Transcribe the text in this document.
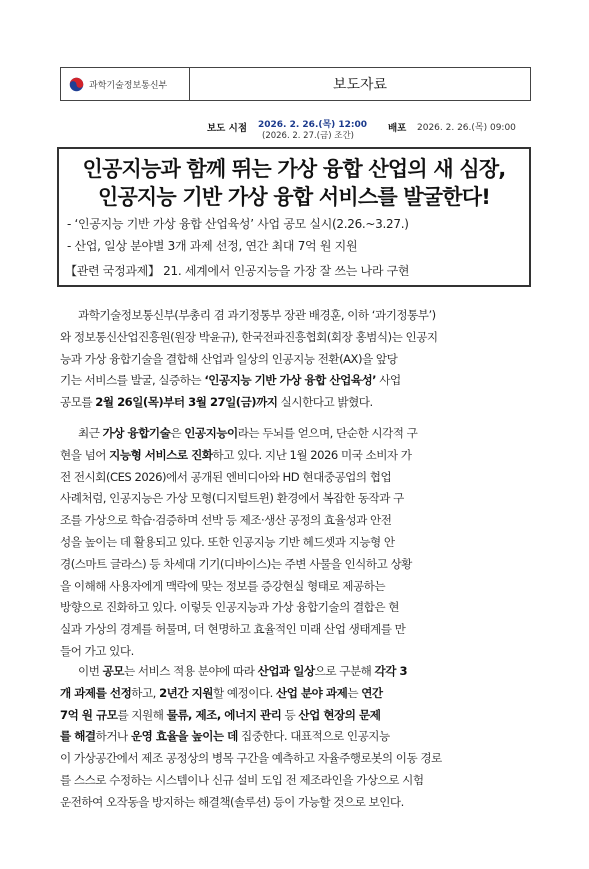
과학기술정보통신부	보도자료
보도 시점 2026. 2. 26.(목) 12:00
(2026. 2. 27.(금) 조간)
배포 2026. 2. 26.(목) 09:00
인공지능과 함께 뛰는 가상 융합 산업의 새 심장,
인공지능 기반 가상 융합 서비스를 발굴한다!
- ‘인공지능 기반 가상 융합 산업육성’ 사업 공모 실시(2.26.~3.27.)
- 산업, 일상 분야별 3개 과제 선정, 연간 최대 7억 원 지원
【관련 국정과제】 21. 세계에서 인공지능을 가장 잘 쓰는 나라 구현
과학기술정보통신부(부총리 겸 과기정통부 장관 배경훈, 이하 ‘과기정통부’)
와 정보통신산업진흥원(원장 박윤규), 한국전파진흥협회(회장 홍범식)는 인공지
능과 가상 융합기술을 결합해 산업과 일상의 인공지능 전환(AX)을 앞당
기는 서비스를 발굴, 실증하는 ‘인공지능 기반 가상 융합 산업육성’ 사업
공모를 2월 26일(목)부터 3월 27일(금)까지 실시한다고 밝혔다.
최근 가상 융합기술은 인공지능이라는 두뇌를 얻으며, 단순한 시각적 구
현을 넘어 지능형 서비스로 진화하고 있다. 지난 1월 2026 미국 소비자 가
전 전시회(CES 2026)에서 공개된 엔비디아와 HD 현대중공업의 협업
사례처럼, 인공지능은 가상 모형(디지털트윈) 환경에서 복잡한 동작과 구
조를 가상으로 학습·검증하며 선박 등 제조·생산 공정의 효율성과 안전
성을 높이는 데 활용되고 있다. 또한 인공지능 기반 헤드셋과 지능형 안
경(스마트 글라스) 등 차세대 기기(디바이스)는 주변 사물을 인식하고 상황
을 이해해 사용자에게 맥락에 맞는 정보를 증강현실 형태로 제공하는
방향으로 진화하고 있다. 이렇듯 인공지능과 가상 융합기술의 결합은 현
실과 가상의 경계를 허물며, 더 현명하고 효율적인 미래 산업 생태계를 만
들어 가고 있다.
이번 공모는 서비스 적용 분야에 따라 산업과 일상으로 구분해 각각 3
개 과제를 선정하고, 2년간 지원할 예정이다. 산업 분야 과제는 연간
7억 원 규모를 지원해 물류, 제조, 에너지 관리 등 산업 현장의 문제
를 해결하거나 운영 효율을 높이는 데 집중한다. 대표적으로 인공지능
이 가상공간에서 제조 공정상의 병목 구간을 예측하고 자율주행로봇의 이동 경로
를 스스로 수정하는 시스템이나 신규 설비 도입 전 제조라인을 가상으로 시험
운전하여 오작동을 방지하는 해결책(솔루션) 등이 가능할 것으로 보인다.
